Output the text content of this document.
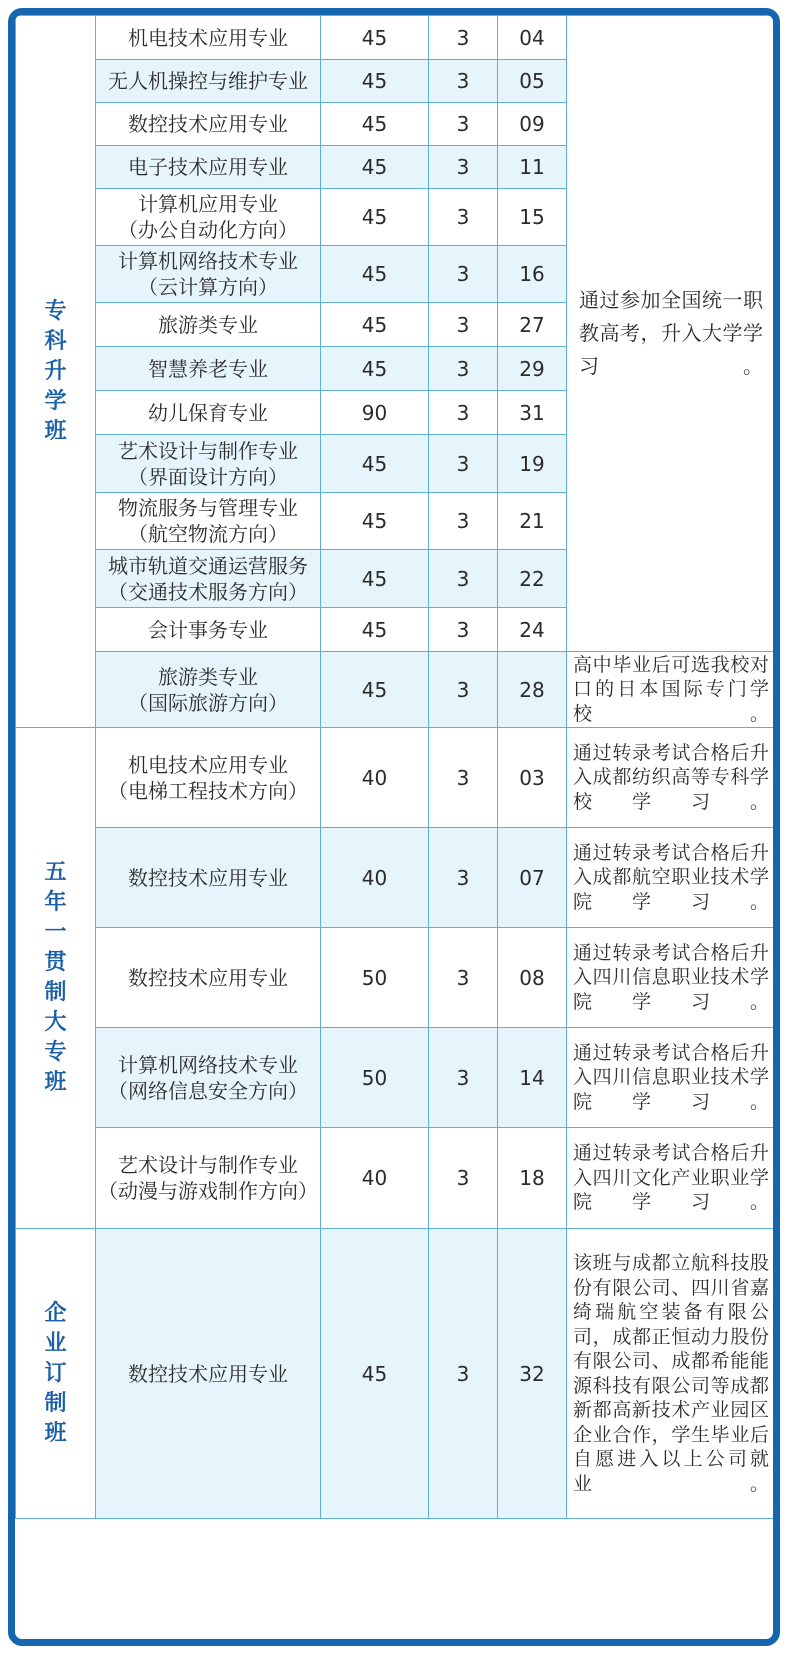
专科升学班	机电技术应用专业	45	3	04	通过参加全国统一职教高考，升入大学学习。
	无人机操控与维护专业	45	3	05	
	数控技术应用专业	45	3	09	
	电子技术应用专业	45	3	11	
	计算机应用专业
（办公自动化方向）	45	3	15	
	计算机网络技术专业
（云计算方向）	45	3	16	
	旅游类专业	45	3	27	
	智慧养老专业	45	3	29	
	幼儿保育专业	90	3	31	
	艺术设计与制作专业
（界面设计方向）	45	3	19	
	物流服务与管理专业
（航空物流方向）	45	3	21	
	城市轨道交通运营服务
（交通技术服务方向）	45	3	22	
	会计事务专业	45	3	24	
	旅游类专业
（国际旅游方向）	45	3	28	高中毕业后可选我校对口的日本国际专门学校。

五年一贯制大专班	机电技术应用专业
（电梯工程技术方向）	40	3	03	通过转录考试合格后升入成都纺织高等专科学校学习。
	数控技术应用专业	40	3	07	通过转录考试合格后升入成都航空职业技术学院学习。
	数控技术应用专业	50	3	08	通过转录考试合格后升入四川信息职业技术学院学习。
	计算机网络技术专业
（网络信息安全方向）	50	3	14	通过转录考试合格后升入四川信息职业技术学院学习。
	艺术设计与制作专业
（动漫与游戏制作方向）	40	3	18	通过转录考试合格后升入四川文化产业职业学院学习。

企业订制班	数控技术应用专业	45	3	32	该班与成都立航科技股份有限公司、四川省嘉绮瑞航空装备有限公司，成都正恒动力股份有限公司、成都希能能源科技有限公司等成都新都高新技术产业园区企业合作，学生毕业后自愿进入以上公司就业。
